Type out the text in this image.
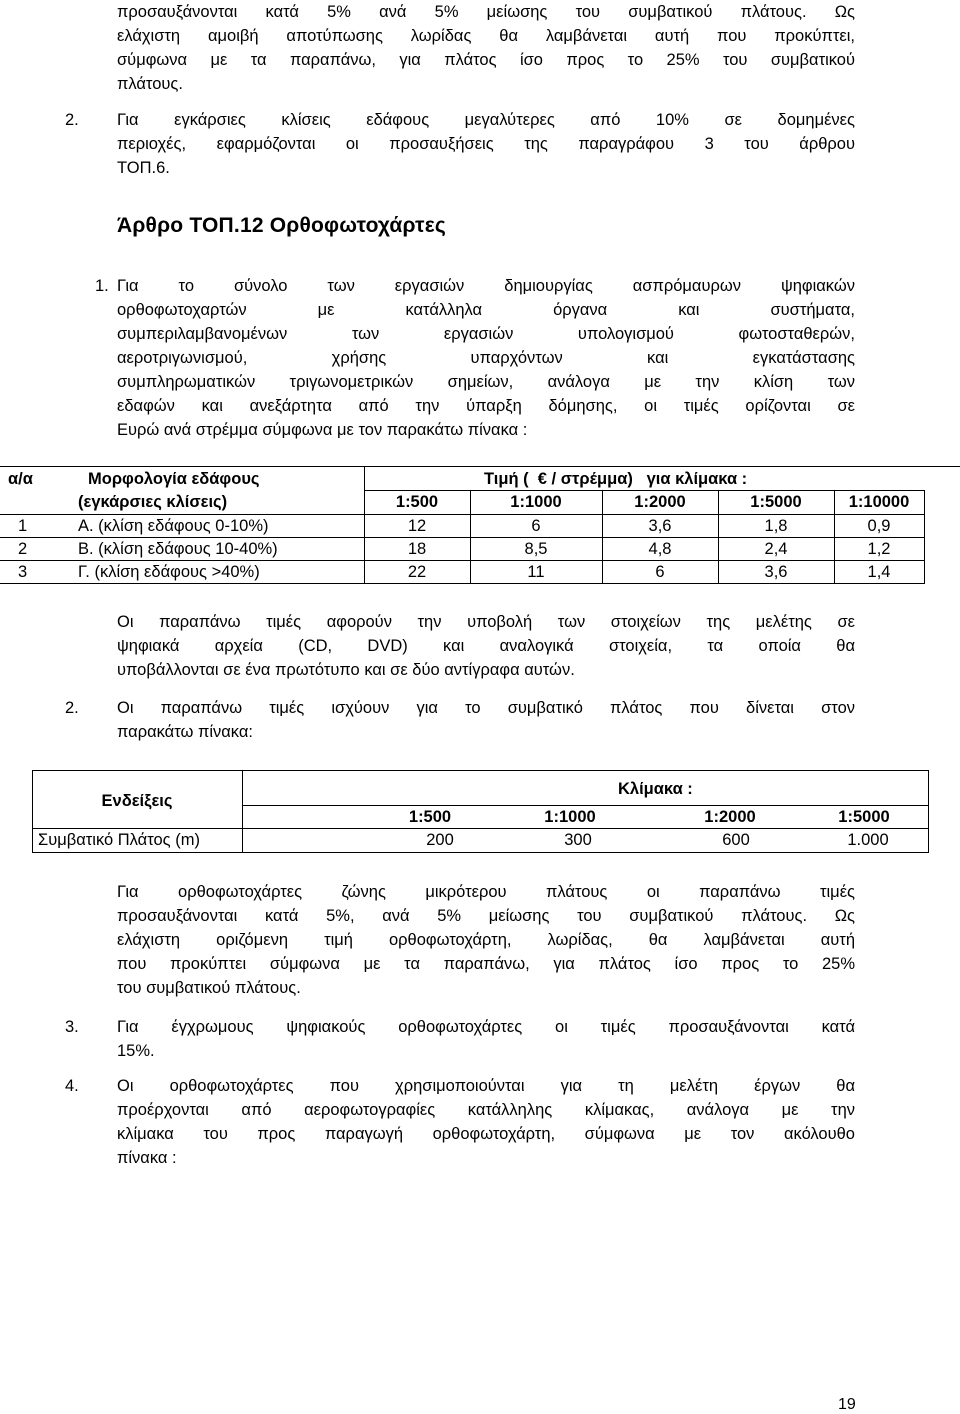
προσαυξάνονται κατά 5% ανά 5% μείωσης του συμβατικού πλάτους. Ως
ελάχιστη αμοιβή αποτύπωσης λωρίδας θα λαμβάνεται αυτή που προκύπτει,
σύμφωνα με τα παραπάνω, για πλάτος ίσο προς το 25% του συμβατικού
πλάτους.
2. Για εγκάρσιες κλίσεις εδάφους μεγαλύτερες από 10% σε δομημένες
περιοχές, εφαρμόζονται οι προσαυξήσεις της παραγράφου 3 του άρθρου
ΤΟΠ.6.
Άρθρο ΤΟΠ.12 Ορθοφωτοχάρτες
1. Για το σύνολο των εργασιών δημιουργίας ασπρόμαυρων ψηφιακών
ορθοφωτοχαρτών με κατάλληλα όργανα και συστήματα,
συμπεριλαμβανομένων των εργασιών υπολογισμού φωτοσταθερών,
αεροτριγωνισμού, χρήσης υπαρχόντων και εγκατάστασης
συμπληρωματικών τριγωνομετρικών σημείων, ανάλογα με την κλίση των
εδαφών και ανεξάρτητα από την ύπαρξη δόμησης, οι τιμές ορίζονται σε
Ευρώ ανά στρέμμα σύμφωνα με τον παρακάτω πίνακα :
α/α	Μορφολογία εδάφους
(εγκάρσιες κλίσεις)
Τιμή (  € / στρέμμα)   για κλίμακα :
1:500	1:1000	1:2000	1:5000	1:10000
1	Α. (κλίση εδάφους 0-10%)	12	6	3,6	1,8	0,9
2	Β. (κλίση εδάφους 10-40%)	18	8,5	4,8	2,4	1,2
3	Γ. (κλίση εδάφους >40%)	22	11	6	3,6	1,4
Οι παραπάνω τιμές αφορούν την υποβολή των στοιχείων της μελέτης σε
ψηφιακά αρχεία (CD, DVD) και αναλογικά στοιχεία, τα οποία θα
υποβάλλονται σε ένα πρωτότυπο και σε δύο αντίγραφα αυτών.
2. Οι παραπάνω τιμές ισχύουν για το συμβατικό πλάτος που δίνεται στον
παρακάτω πίνακα:
Ενδείξεις
Κλίμακα :
1:500	1:1000	1:2000	1:5000
Συμβατικό Πλάτος (m)	200	300	600	1.000
Για ορθοφωτοχάρτες ζώνης μικρότερου πλάτους οι παραπάνω τιμές
προσαυξάνονται κατά 5%, ανά 5% μείωσης του συμβατικού πλάτους. Ως
ελάχιστη οριζόμενη τιμή ορθοφωτοχάρτη, λωρίδας, θα λαμβάνεται αυτή
που προκύπτει σύμφωνα με τα παραπάνω, για πλάτος ίσο προς το 25%
του συμβατικού πλάτους.
3. Για έγχρωμους ψηφιακούς ορθοφωτοχάρτες οι τιμές προσαυξάνονται κατά
15%.
4. Οι ορθοφωτοχάρτες που χρησιμοποιούνται για τη μελέτη έργων θα
προέρχονται από αεροφωτογραφίες κατάλληλης κλίμακας, ανάλογα με την
κλίμακα του προς παραγωγή ορθοφωτοχάρτη, σύμφωνα με τον ακόλουθο
πίνακα :
19
